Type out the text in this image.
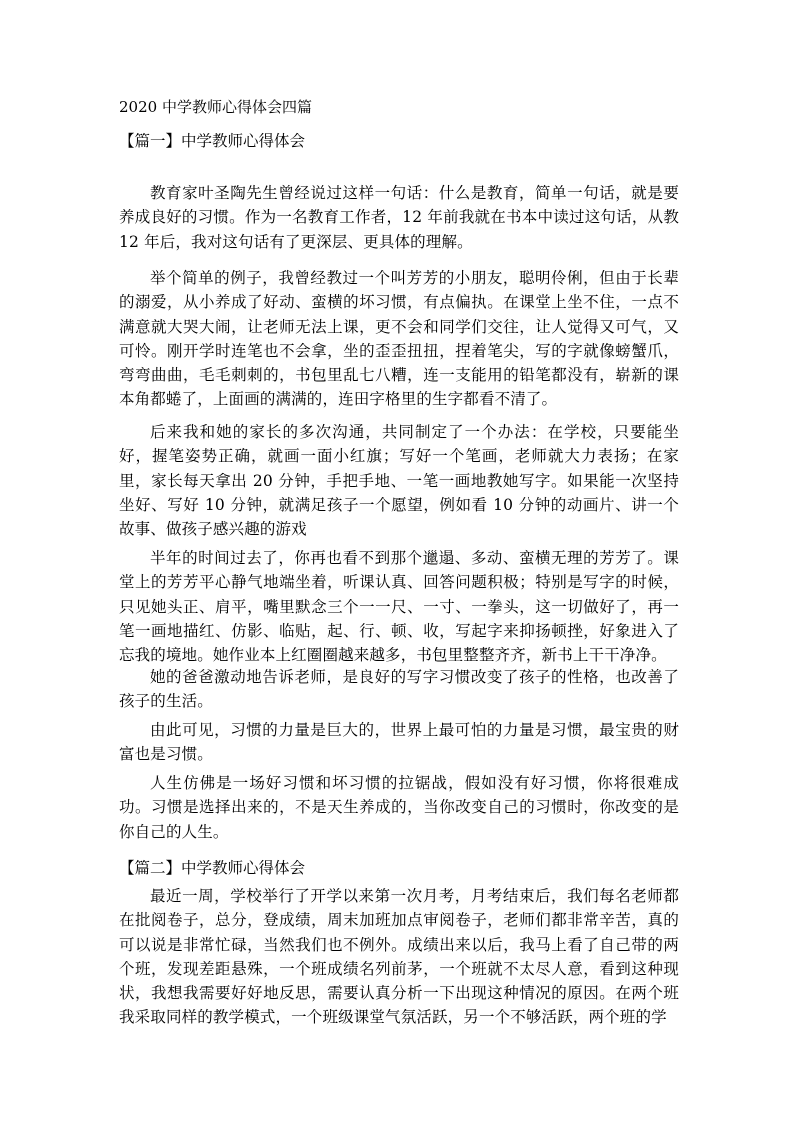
2020 中学教师心得体会四篇
【篇一】中学教师心得体会

教育家叶圣陶先生曾经说过这样一句话：什么是教育，简单一句话，就是要养成良好的习惯。作为一名教育工作者，12 年前我就在书本中读过这句话，从教 12 年后，我对这句话有了更深层、更具体的理解。

举个简单的例子，我曾经教过一个叫芳芳的小朋友，聪明伶俐，但由于长辈的溺爱，从小养成了好动、蛮横的坏习惯，有点偏执。在课堂上坐不住，一点不满意就大哭大闹，让老师无法上课，更不会和同学们交往，让人觉得又可气，又可怜。刚开学时连笔也不会拿，坐的歪歪扭扭，捏着笔尖，写的字就像螃蟹爪，弯弯曲曲，毛毛刺刺的，书包里乱七八糟，连一支能用的铅笔都没有，崭新的课本角都蜷了，上面画的满满的，连田字格里的生字都看不清了。

后来我和她的家长的多次沟通，共同制定了一个办法：在学校，只要能坐好，握笔姿势正确，就画一面小红旗；写好一个笔画，老师就大力表扬；在家里，家长每天拿出 20 分钟，手把手地、一笔一画地教她写字。如果能一次坚持坐好、写好 10 分钟，就满足孩子一个愿望，例如看 10 分钟的动画片、讲一个故事、做孩子感兴趣的游戏

半年的时间过去了，你再也看不到那个邋遢、多动、蛮横无理的芳芳了。课堂上的芳芳平心静气地端坐着，听课认真、回答问题积极；特别是写字的时候，只见她头正、肩平，嘴里默念三个一一尺、一寸、一拳头，这一切做好了，再一笔一画地描红、仿影、临贴，起、行、顿、收，写起字来抑扬顿挫，好象进入了忘我的境地。她作业本上红圈圈越来越多，书包里整整齐齐，新书上干干净净。

她的爸爸激动地告诉老师，是良好的写字习惯改变了孩子的性格，也改善了孩子的生活。

由此可见，习惯的力量是巨大的，世界上最可怕的力量是习惯，最宝贵的财富也是习惯。

人生仿佛是一场好习惯和坏习惯的拉锯战，假如没有好习惯，你将很难成功。习惯是选择出来的，不是天生养成的，当你改变自己的习惯时，你改变的是你自己的人生。

【篇二】中学教师心得体会

最近一周，学校举行了开学以来第一次月考，月考结束后，我们每名老师都在批阅卷子，总分，登成绩，周末加班加点审阅卷子，老师们都非常辛苦，真的可以说是非常忙碌，当然我们也不例外。成绩出来以后，我马上看了自己带的两个班，发现差距悬殊，一个班成绩名列前茅，一个班就不太尽人意，看到这种现状，我想我需要好好地反思，需要认真分析一下出现这种情况的原因。在两个班我采取同样的教学模式，一个班级课堂气氛活跃，另一个不够活跃，两个班的学
